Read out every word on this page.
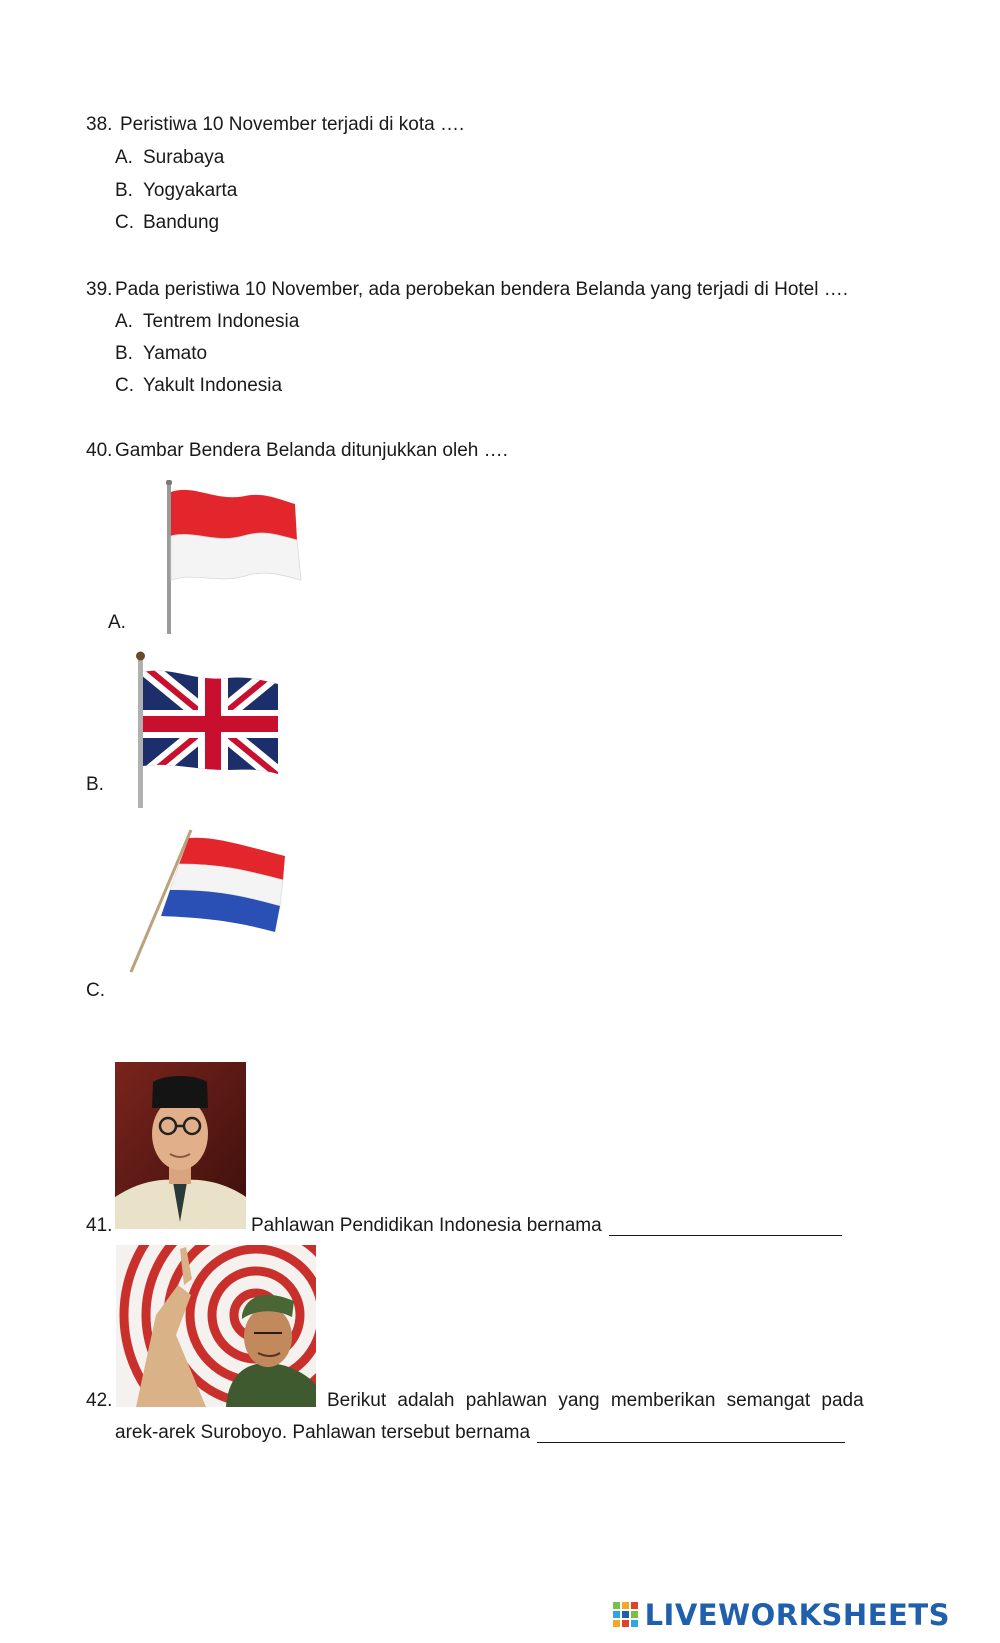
38. Peristiwa 10 November terjadi di kota ….
A. Surabaya
B. Yogyakarta
C. Bandung
39. Pada peristiwa 10 November, ada perobekan bendera Belanda yang terjadi di Hotel ….
A. Tentrem Indonesia
B. Yamato
C. Yakult Indonesia
40. Gambar Bendera Belanda ditunjukkan oleh ….
A.
B.
C.
41.	Pahlawan Pendidikan Indonesia bernama
42.	Berikut adalah pahlawan yang memberikan semangat pada
arek-arek Suroboyo. Pahlawan tersebut bernama
LIVEWORKSHEETS
